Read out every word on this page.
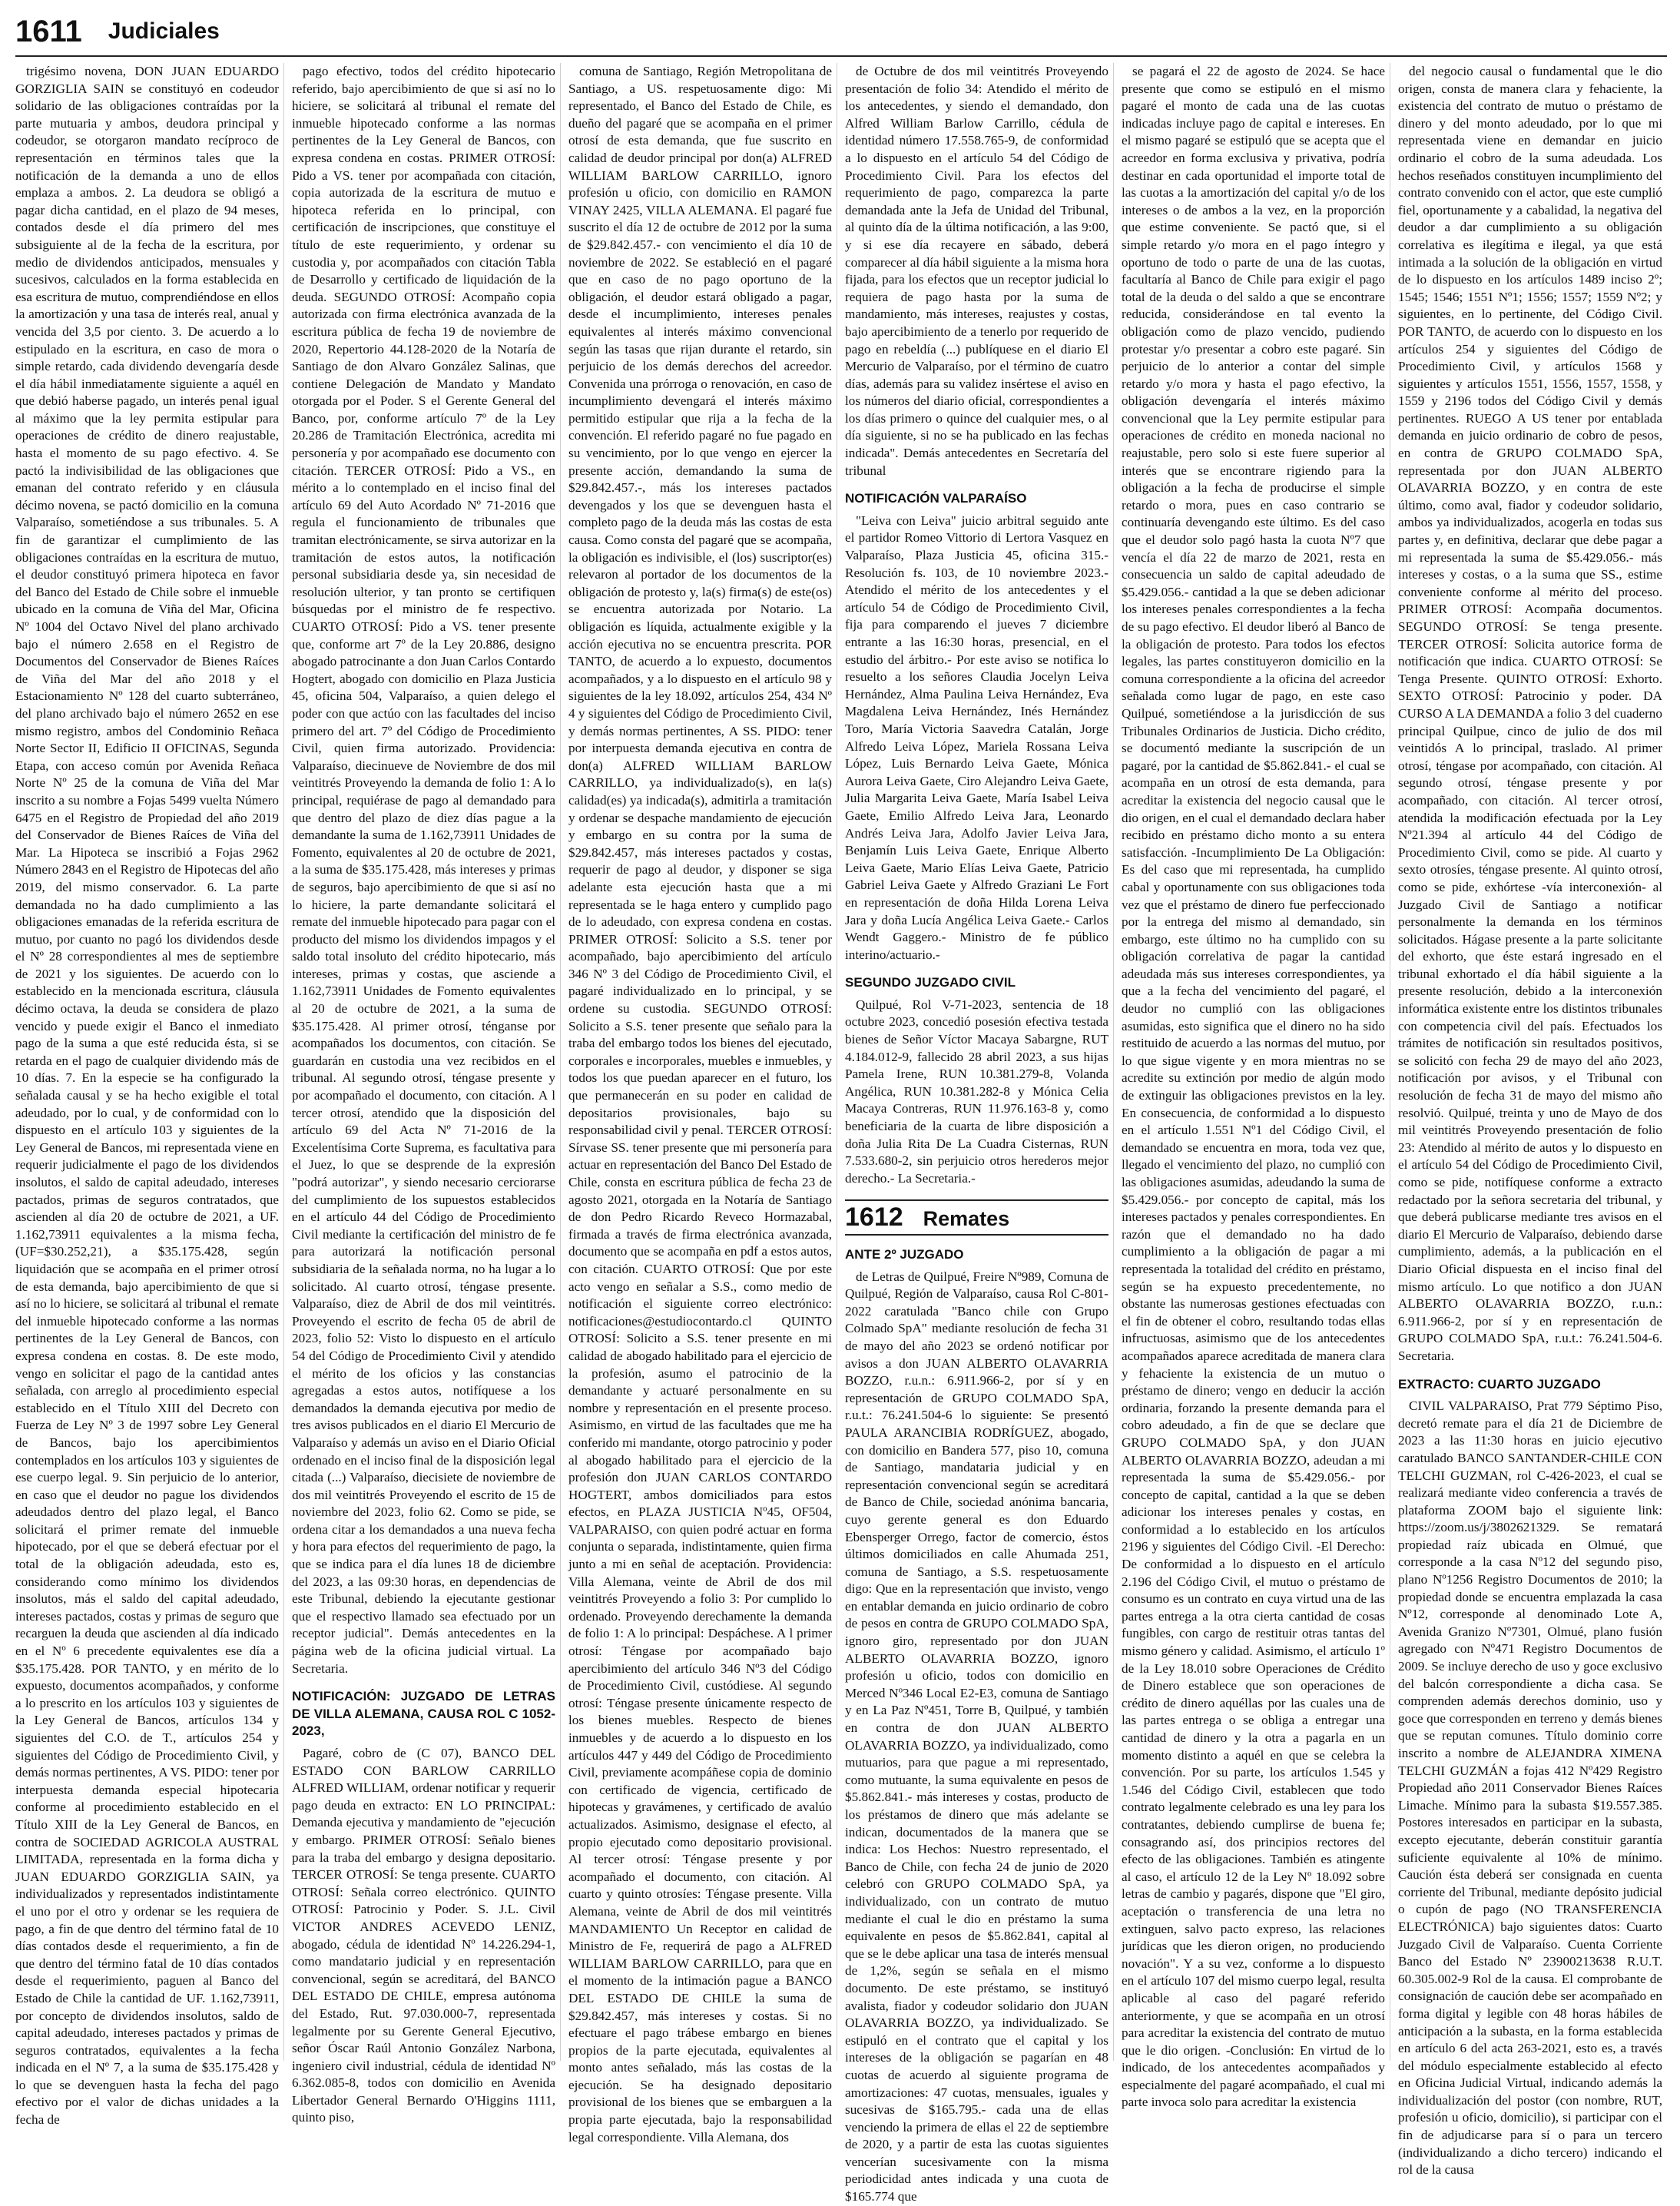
1611 Judiciales

trigésimo novena, DON JUAN EDUARDO GORZIGLIA SAIN se constituyó en codeudor solidario de las obligaciones contraídas por la parte mutuaria y ambos, deudora principal y codeudor, se otorgaron mandato recíproco de representación en términos tales que la notificación de la demanda a uno de ellos emplaza a ambos. 2. La deudora se obligó a pagar dicha cantidad, en el plazo de 94 meses, contados desde el día primero del mes subsiguiente al de la fecha de la escritura, por medio de dividendos anticipados, mensuales y sucesivos, calculados en la forma establecida en esa escritura de mutuo, comprendiéndose en ellos la amortización y una tasa de interés real, anual y vencida del 3,5 por ciento. 3. De acuerdo a lo estipulado en la escritura, en caso de mora o simple retardo, cada dividendo devengaría desde el día hábil inmediatamente siguiente a aquél en que debió haberse pagado, un interés penal igual al máximo que la ley permita estipular para operaciones de crédito de dinero reajustable, hasta el momento de su pago efectivo. 4. Se pactó la indivisibilidad de las obligaciones que emanan del contrato referido y en cláusula décimo novena, se pactó domicilio en la comuna Valparaíso, sometiéndose a sus tribunales. 5. A fin de garantizar el cumplimiento de las obligaciones contraídas en la escritura de mutuo, el deudor constituyó primera hipoteca en favor del Banco del Estado de Chile sobre el inmueble ubicado en la comuna de Viña del Mar, Oficina Nº 1004 del Octavo Nivel del plano archivado bajo el número 2.658 en el Registro de Documentos del Conservador de Bienes Raíces de Viña del Mar del año 2018 y el Estacionamiento Nº 128 del cuarto subterráneo, del plano archivado bajo el número 2652 en ese mismo registro, ambos del Condominio Reñaca Norte Sector II, Edificio II OFICINAS, Segunda Etapa, con acceso común por Avenida Reñaca Norte Nº 25 de la comuna de Viña del Mar inscrito a su nombre a Fojas 5499 vuelta Número 6475 en el Registro de Propiedad del año 2019 del Conservador de Bienes Raíces de Viña del Mar. La Hipoteca se inscribió a Fojas 2962 Número 2843 en el Registro de Hipotecas del año 2019, del mismo conservador. 6. La parte demandada no ha dado cumplimiento a las obligaciones emanadas de la referida escritura de mutuo, por cuanto no pagó los dividendos desde el Nº 28 correspondientes al mes de septiembre de 2021 y los siguientes. De acuerdo con lo establecido en la mencionada escritura, cláusula décimo octava, la deuda se considera de plazo vencido y puede exigir el Banco el inmediato pago de la suma a que esté reducida ésta, si se retarda en el pago de cualquier dividendo más de 10 días. 7. En la especie se ha configurado la señalada causal y se ha hecho exigible el total adeudado, por lo cual, y de conformidad con lo dispuesto en el artículo 103 y siguientes de la Ley General de Bancos, mi representada viene en requerir judicialmente el pago de los dividendos insolutos, el saldo de capital adeudado, intereses pactados, primas de seguros contratados, que ascienden al día 20 de octubre de 2021, a UF. 1.162,73911 equivalentes a la misma fecha, (UF=$30.252,21), a $35.175.428, según liquidación que se acompaña en el primer otrosí de esta demanda, bajo apercibimiento de que si así no lo hiciere, se solicitará al tribunal el remate del inmueble hipotecado conforme a las normas pertinentes de la Ley General de Bancos, con expresa condena en costas. 8. De este modo, vengo en solicitar el pago de la cantidad antes señalada, con arreglo al procedimiento especial establecido en el Título XIII del Decreto con Fuerza de Ley Nº 3 de 1997 sobre Ley General de Bancos, bajo los apercibimientos contemplados en los artículos 103 y siguientes de ese cuerpo legal. 9. Sin perjuicio de lo anterior, en caso que el deudor no pague los dividendos adeudados dentro del plazo legal, el Banco solicitará el primer remate del inmueble hipotecado, por el que se deberá efectuar por el total de la obligación adeudada, esto es, considerando como mínimo los dividendos insolutos, más el saldo del capital adeudado, intereses pactados, costas y primas de seguro que recarguen la deuda que ascienden al día indicado en el Nº 6 precedente equivalentes ese día a $35.175.428. POR TANTO, y en mérito de lo expuesto, documentos acompañados, y conforme a lo prescrito en los artículos 103 y siguientes de la Ley General de Bancos, artículos 134 y siguientes del C.O. de T., artículos 254 y siguientes del Código de Procedimiento Civil, y demás normas pertinentes, A VS. PIDO: tener por interpuesta demanda especial hipotecaria conforme al procedimiento establecido en el Título XIII de la Ley General de Bancos, en contra de SOCIEDAD AGRICOLA AUSTRAL LIMITADA, representada en la forma dicha y JUAN EDUARDO GORZIGLIA SAIN, ya individualizados y representados indistintamente el uno por el otro y ordenar se les requiera de pago, a fin de que dentro del término fatal de 10 días contados desde el requerimiento, a fin de que dentro del término fatal de 10 días contados desde el requerimiento, paguen al Banco del Estado de Chile la cantidad de UF. 1.162,73911, por concepto de dividendos insolutos, saldo de capital adeudado, intereses pactados y primas de seguros contratados, equivalentes a la fecha indicada en el Nº 7, a la suma de $35.175.428 y lo que se devenguen hasta la fecha del pago efectivo por el valor de dichas unidades a la fecha de

pago efectivo, todos del crédito hipotecario referido, bajo apercibimiento de que si así no lo hiciere, se solicitará al tribunal el remate del inmueble hipotecado conforme a las normas pertinentes de la Ley General de Bancos, con expresa condena en costas. PRIMER OTROSÍ: Pido a VS. tener por acompañada con citación, copia autorizada de la escritura de mutuo e hipoteca referida en lo principal, con certificación de inscripciones, que constituye el título de este requerimiento, y ordenar su custodia y, por acompañados con citación Tabla de Desarrollo y certificado de liquidación de la deuda. SEGUNDO OTROSÍ: Acompaño copia autorizada con firma electrónica avanzada de la escritura pública de fecha 19 de noviembre de 2020, Repertorio 44.128-2020 de la Notaría de Santiago de don Alvaro González Salinas, que contiene Delegación de Mandato y Mandato otorgada por el Poder. S el Gerente General del Banco, por, conforme artículo 7º de la Ley 20.286 de Tramitación Electrónica, acredita mi personería y por acompañado ese documento con citación. TERCER OTROSÍ: Pido a VS., en mérito a lo contemplado en el inciso final del artículo 69 del Auto Acordado Nº 71-2016 que regula el funcionamiento de tribunales que tramitan electrónicamente, se sirva autorizar en la tramitación de estos autos, la notificación personal subsidiaria desde ya, sin necesidad de resolución ulterior, y tan pronto se certifiquen búsquedas por el ministro de fe respectivo. CUARTO OTROSÍ: Pido a VS. tener presente que, conforme art 7º de la Ley 20.886, designo abogado patrocinante a don Juan Carlos Contardo Hogtert, abogado con domicilio en Plaza Justicia 45, oficina 504, Valparaíso, a quien delego el poder con que actúo con las facultades del inciso primero del art. 7º del Código de Procedimiento Civil, quien firma autorizado. Providencia: Valparaíso, diecinueve de Noviembre de dos mil veintitrés Proveyendo la demanda de folio 1: A lo principal, requiérase de pago al demandado para que dentro del plazo de diez días pague a la demandante la suma de 1.162,73911 Unidades de Fomento, equivalentes al 20 de octubre de 2021, a la suma de $35.175.428, más intereses y primas de seguros, bajo apercibimiento de que si así no lo hiciere, la parte demandante solicitará el remate del inmueble hipotecado para pagar con el producto del mismo los dividendos impagos y el saldo total insoluto del crédito hipotecario, más intereses, primas y costas, que asciende a 1.162,73911 Unidades de Fomento equivalentes al 20 de octubre de 2021, a la suma de $35.175.428. Al primer otrosí, ténganse por acompañados los documentos, con citación. Se guardarán en custodia una vez recibidos en el tribunal. Al segundo otrosí, téngase presente y por acompañado el documento, con citación. A l tercer otrosí, atendido que la disposición del artículo 69 del Acta Nº 71-2016 de la Excelentísima Corte Suprema, es facultativa para el Juez, lo que se desprende de la expresión "podrá autorizar", y siendo necesario cerciorarse del cumplimiento de los supuestos establecidos en el artículo 44 del Código de Procedimiento Civil mediante la certificación del ministro de fe para autorizará la notificación personal subsidiaria de la señalada norma, no ha lugar a lo solicitado. Al cuarto otrosí, téngase presente. Valparaíso, diez de Abril de dos mil veintitrés. Proveyendo el escrito de fecha 05 de abril de 2023, folio 52: Visto lo dispuesto en el artículo 54 del Código de Procedimiento Civil y atendido el mérito de los oficios y las constancias agregadas a estos autos, notifíquese a los demandados la demanda ejecutiva por medio de tres avisos publicados en el diario El Mercurio de Valparaíso y además un aviso en el Diario Oficial ordenado en el inciso final de la disposición legal citada (...) Valparaíso, diecisiete de noviembre de dos mil veintitrés Proveyendo el escrito de 15 de noviembre del 2023, folio 62. Como se pide, se ordena citar a los demandados a una nueva fecha y hora para efectos del requerimiento de pago, la que se indica para el día lunes 18 de diciembre del 2023, a las 09:30 horas, en dependencias de este Tribunal, debiendo la ejecutante gestionar que el respectivo llamado sea efectuado por un receptor judicial". Demás antecedentes en la página web de la oficina judicial virtual. La Secretaria.

NOTIFICACIÓN: JUZGADO DE LETRAS DE VILLA ALEMANA, CAUSA ROL C 1052-2023,

Pagaré, cobro de (C 07), BANCO DEL ESTADO CON BARLOW CARRILLO ALFRED WILLIAM, ordenar notificar y requerir pago deuda en extracto: EN LO PRINCIPAL: Demanda ejecutiva y mandamiento de "ejecución y embargo. PRIMER OTROSÍ: Señalo bienes para la traba del embargo y designa depositario. TERCER OTROSÍ: Se tenga presente. CUARTO OTROSÍ: Señala correo electrónico. QUINTO OTROSÍ: Patrocinio y Poder. S. J.L. Civil VICTOR ANDRES ACEVEDO LENIZ, abogado, cédula de identidad Nº 14.226.294-1, como mandatario judicial y en representación convencional, según se acreditará, del BANCO DEL ESTADO DE CHILE, empresa autónoma del Estado, Rut. 97.030.000-7, representada legalmente por su Gerente General Ejecutivo, señor Óscar Raúl Antonio González Narbona, ingeniero civil industrial, cédula de identidad Nº 6.362.085-8, todos con domicilio en Avenida Libertador General Bernardo O'Higgins 1111, quinto piso,

comuna de Santiago, Región Metropolitana de Santiago, a US. respetuosamente digo: Mi representado, el Banco del Estado de Chile, es dueño del pagaré que se acompaña en el primer otrosí de esta demanda, que fue suscrito en calidad de deudor principal por don(a) ALFRED WILLIAM BARLOW CARRILLO, ignoro profesión u oficio, con domicilio en RAMON VINAY 2425, VILLA ALEMANA. El pagaré fue suscrito el día 12 de octubre de 2012 por la suma de $29.842.457.- con vencimiento el día 10 de noviembre de 2022. Se estableció en el pagaré que en caso de no pago oportuno de la obligación, el deudor estará obligado a pagar, desde el incumplimiento, intereses penales equivalentes al interés máximo convencional según las tasas que rijan durante el retardo, sin perjuicio de los demás derechos del acreedor. Convenida una prórroga o renovación, en caso de incumplimiento devengará el interés máximo permitido estipular que rija a la fecha de la convención. El referido pagaré no fue pagado en su vencimiento, por lo que vengo en ejercer la presente acción, demandando la suma de $29.842.457.-, más los intereses pactados devengados y los que se devenguen hasta el completo pago de la deuda más las costas de esta causa. Como consta del pagaré que se acompaña, la obligación es indivisible, el (los) suscriptor(es) relevaron al portador de los documentos de la obligación de protesto y, la(s) firma(s) de este(os) se encuentra autorizada por Notario. La obligación es líquida, actualmente exigible y la acción ejecutiva no se encuentra prescrita. POR TANTO, de acuerdo a lo expuesto, documentos acompañados, y a lo dispuesto en el artículo 98 y siguientes de la ley 18.092, artículos 254, 434 Nº 4 y siguientes del Código de Procedimiento Civil, y demás normas pertinentes, A SS. PIDO: tener por interpuesta demanda ejecutiva en contra de don(a) ALFRED WILLIAM BARLOW CARRILLO, ya individualizado(s), en la(s) calidad(es) ya indicada(s), admitirla a tramitación y ordenar se despache mandamiento de ejecución y embargo en su contra por la suma de $29.842.457, más intereses pactados y costas, requerir de pago al deudor, y disponer se siga adelante esta ejecución hasta que a mi representada se le haga entero y cumplido pago de lo adeudado, con expresa condena en costas. PRIMER OTROSÍ: Solicito a S.S. tener por acompañado, bajo apercibimiento del artículo 346 Nº 3 del Código de Procedimiento Civil, el pagaré individualizado en lo principal, y se ordene su custodia. SEGUNDO OTROSÍ: Solicito a S.S. tener presente que señalo para la traba del embargo todos los bienes del ejecutado, corporales e incorporales, muebles e inmuebles, y todos los que puedan aparecer en el futuro, los que permanecerán en su poder en calidad de depositarios provisionales, bajo su responsabilidad civil y penal. TERCER OTROSÍ: Sírvase SS. tener presente que mi personería para actuar en representación del Banco Del Estado de Chile, consta en escritura pública de fecha 23 de agosto 2021, otorgada en la Notaría de Santiago de don Pedro Ricardo Reveco Hormazabal, firmada a través de firma electrónica avanzada, documento que se acompaña en pdf a estos autos, con citación. CUARTO OTROSÍ: Que por este acto vengo en señalar a S.S., como medio de notificación el siguiente correo electrónico: notificaciones@estudiocontardo.cl QUINTO OTROSÍ: Solicito a S.S. tener presente en mi calidad de abogado habilitado para el ejercicio de la profesión, asumo el patrocinio de la demandante y actuaré personalmente en su nombre y representación en el presente proceso. Asimismo, en virtud de las facultades que me ha conferido mi mandante, otorgo patrocinio y poder al abogado habilitado para el ejercicio de la profesión don JUAN CARLOS CONTARDO HOGTERT, ambos domiciliados para estos efectos, en PLAZA JUSTICIA Nº45, OF504, VALPARAISO, con quien podré actuar en forma conjunta o separada, indistintamente, quien firma junto a mi en señal de aceptación. Providencia: Villa Alemana, veinte de Abril de dos mil veintitrés Proveyendo a folio 3: Por cumplido lo ordenado. Proveyendo derechamente la demanda de folio 1: A lo principal: Despáchese. A l primer otrosí: Téngase por acompañado bajo apercibimiento del artículo 346 Nº3 del Código de Procedimiento Civil, custódiese. Al segundo otrosí: Téngase presente únicamente respecto de los bienes muebles. Respecto de bienes inmuebles y de acuerdo a lo dispuesto en los artículos 447 y 449 del Código de Procedimiento Civil, previamente acompáñese copia de dominio con certificado de vigencia, certificado de hipotecas y gravámenes, y certificado de avalúo actualizados. Asimismo, designase el efecto, al propio ejecutado como depositario provisional. Al tercer otrosí: Téngase presente y por acompañado el documento, con citación. Al cuarto y quinto otrosíes: Téngase presente. Villa Alemana, veinte de Abril de dos mil veintitrés MANDAMIENTO Un Receptor en calidad de Ministro de Fe, requerirá de pago a ALFRED WILLIAM BARLOW CARRILLO, para que en el momento de la intimación pague a BANCO DEL ESTADO DE CHILE la suma de $29.842.457, más intereses y costas. Si no efectuare el pago trábese embargo en bienes propios de la parte ejecutada, equivalentes al monto antes señalado, más las costas de la ejecución. Se ha designado depositario provisional de los bienes que se embarguen a la propia parte ejecutada, bajo la responsabilidad legal correspondiente. Villa Alemana, dos

de Octubre de dos mil veintitrés Proveyendo presentación de folio 34: Atendido el mérito de los antecedentes, y siendo el demandado, don Alfred William Barlow Carrillo, cédula de identidad número 17.558.765-9, de conformidad a lo dispuesto en el artículo 54 del Código de Procedimiento Civil. Para los efectos del requerimiento de pago, comparezca la parte demandada ante la Jefa de Unidad del Tribunal, al quinto día de la última notificación, a las 9:00, y si ese día recayere en sábado, deberá comparecer al día hábil siguiente a la misma hora fijada, para los efectos que un receptor judicial lo requiera de pago hasta por la suma de mandamiento, más intereses, reajustes y costas, bajo apercibimiento de a tenerlo por requerido de pago en rebeldía (...) publíquese en el diario El Mercurio de Valparaíso, por el término de cuatro días, además para su validez insértese el aviso en los números del diario oficial, correspondientes a los días primero o quince del cualquier mes, o al día siguiente, si no se ha publicado en las fechas indicada". Demás antecedentes en Secretaría del tribunal

NOTIFICACIÓN VALPARAÍSO

"Leiva con Leiva" juicio arbitral seguido ante el partidor Romeo Vittorio di Lertora Vasquez en Valparaíso, Plaza Justicia 45, oficina 315.- Resolución fs. 103, de 10 noviembre 2023.- Atendido el mérito de los antecedentes y el artículo 54 de Código de Procedimiento Civil, fija para comparendo el jueves 7 diciembre entrante a las 16:30 horas, presencial, en el estudio del árbitro.- Por este aviso se notifica lo resuelto a los señores Claudia Jocelyn Leiva Hernández, Alma Paulina Leiva Hernández, Eva Magdalena Leiva Hernández, Inés Hernández Toro, María Victoria Saavedra Catalán, Jorge Alfredo Leiva López, Mariela Rossana Leiva López, Luis Bernardo Leiva Gaete, Mónica Aurora Leiva Gaete, Ciro Alejandro Leiva Gaete, Julia Margarita Leiva Gaete, María Isabel Leiva Gaete, Emilio Alfredo Leiva Jara, Leonardo Andrés Leiva Jara, Adolfo Javier Leiva Jara, Benjamín Luis Leiva Gaete, Enrique Alberto Leiva Gaete, Mario Elías Leiva Gaete, Patricio Gabriel Leiva Gaete y Alfredo Graziani Le Fort en representación de doña Hilda Lorena Leiva Jara y doña Lucía Angélica Leiva Gaete.- Carlos Wendt Gaggero.- Ministro de fe público interino/actuario.-

SEGUNDO JUZGADO CIVIL

Quilpué, Rol V-71-2023, sentencia de 18 octubre 2023, concedió posesión efectiva testada bienes de Señor Víctor Macaya Sabargne, RUT 4.184.012-9, fallecido 28 abril 2023, a sus hijas Pamela Irene, RUN 10.381.279-8, Volanda Angélica, RUN 10.381.282-8 y Mónica Celia Macaya Contreras, RUN 11.976.163-8 y, como beneficiaria de la cuarta de libre disposición a doña Julia Rita De La Cuadra Cisternas, RUN 7.533.680-2, sin perjuicio otros herederos mejor derecho.- La Secretaria.-

1612 Remates
ANTE 2º JUZGADO

de Letras de Quilpué, Freire Nº989, Comuna de Quilpué, Región de Valparaíso, causa Rol C-801-2022 caratulada "Banco chile con Grupo Colmado SpA" mediante resolución de fecha 31 de mayo del año 2023 se ordenó notificar por avisos a don JUAN ALBERTO OLAVARRIA BOZZO, r.u.n.: 6.911.966-2, por sí y en representación de GRUPO COLMADO SpA, r.u.t.: 76.241.504-6 lo siguiente: Se presentó PAULA ARANCIBIA RODRÍGUEZ, abogado, con domicilio en Bandera 577, piso 10, comuna de Santiago, mandataria judicial y en representación convencional según se acreditará de Banco de Chile, sociedad anónima bancaria, cuyo gerente general es don Eduardo Ebensperger Orrego, factor de comercio, éstos últimos domiciliados en calle Ahumada 251, comuna de Santiago, a S.S. respetuosamente digo: Que en la representación que invisto, vengo en entablar demanda en juicio ordinario de cobro de pesos en contra de GRUPO COLMADO SpA, ignoro giro, representado por don JUAN ALBERTO OLAVARRIA BOZZO, ignoro profesión u oficio, todos con domicilio en Merced Nº346 Local E2-E3, comuna de Santiago y en La Paz Nº451, Torre B, Quilpué, y también en contra de don JUAN ALBERTO OLAVARRIA BOZZO, ya individualizado, como mutuarios, para que pague a mi representado, como mutuante, la suma equivalente en pesos de $5.862.841.- más intereses y costas, producto de los préstamos de dinero que más adelante se indican, documentados de la manera que se indica: Los Hechos: Nuestro representado, el Banco de Chile, con fecha 24 de junio de 2020 celebró con GRUPO COLMADO SpA, ya individualizado, con un contrato de mutuo mediante el cual le dio en préstamo la suma equivalente en pesos de $5.862.841, capital al que se le debe aplicar una tasa de interés mensual de 1,2%, según se señala en el mismo documento. De este préstamo, se instituyó avalista, fiador y codeudor solidario don JUAN OLAVARRIA BOZZO, ya individualizado. Se estipuló en el contrato que el capital y los intereses de la obligación se pagarían en 48 cuotas de acuerdo al siguiente programa de amortizaciones: 47 cuotas, mensuales, iguales y sucesivas de $165.795.- cada una de ellas venciendo la primera de ellas el 22 de septiembre de 2020, y a partir de esta las cuotas siguientes vencerían sucesivamente con la misma periodicidad antes indicada y una cuota de $165.774 que

se pagará el 22 de agosto de 2024. Se hace presente que como se estipuló en el mismo pagaré el monto de cada una de las cuotas indicadas incluye pago de capital e intereses. En el mismo pagaré se estipuló que se acepta que el acreedor en forma exclusiva y privativa, podría destinar en cada oportunidad el importe total de las cuotas a la amortización del capital y/o de los intereses o de ambos a la vez, en la proporción que estime conveniente. Se pactó que, si el simple retardo y/o mora en el pago íntegro y oportuno de todo o parte de una de las cuotas, facultaría al Banco de Chile para exigir el pago total de la deuda o del saldo a que se encontrare reducida, considerándose en tal evento la obligación como de plazo vencido, pudiendo protestar y/o presentar a cobro este pagaré. Sin perjuicio de lo anterior a contar del simple retardo y/o mora y hasta el pago efectivo, la obligación devengaría el interés máximo convencional que la Ley permite estipular para operaciones de crédito en moneda nacional no reajustable, pero solo si este fuere superior al interés que se encontrare rigiendo para la obligación a la fecha de producirse el simple retardo o mora, pues en caso contrario se continuaría devengando este último. Es del caso que el deudor solo pagó hasta la cuota Nº7 que vencía el día 22 de marzo de 2021, resta en consecuencia un saldo de capital adeudado de $5.429.056.- cantidad a la que se deben adicionar los intereses penales correspondientes a la fecha de su pago efectivo. El deudor liberó al Banco de la obligación de protesto. Para todos los efectos legales, las partes constituyeron domicilio en la comuna correspondiente a la oficina del acreedor señalada como lugar de pago, en este caso Quilpué, sometiéndose a la jurisdicción de sus Tribunales Ordinarios de Justicia. Dicho crédito, se documentó mediante la suscripción de un pagaré, por la cantidad de $5.862.841.- el cual se acompaña en un otrosí de esta demanda, para acreditar la existencia del negocio causal que le dio origen, en el cual el demandado declara haber recibido en préstamo dicho monto a su entera satisfacción. -Incumplimiento De La Obligación: Es del caso que mi representada, ha cumplido cabal y oportunamente con sus obligaciones toda vez que el préstamo de dinero fue perfeccionado por la entrega del mismo al demandado, sin embargo, este último no ha cumplido con su obligación correlativa de pagar la cantidad adeudada más sus intereses correspondientes, ya que a la fecha del vencimiento del pagaré, el deudor no cumplió con las obligaciones asumidas, esto significa que el dinero no ha sido restituido de acuerdo a las normas del mutuo, por lo que sigue vigente y en mora mientras no se acredite su extinción por medio de algún modo de extinguir las obligaciones previstos en la ley. En consecuencia, de conformidad a lo dispuesto en el artículo 1.551 Nº1 del Código Civil, el demandado se encuentra en mora, toda vez que, llegado el vencimiento del plazo, no cumplió con las obligaciones asumidas, adeudando la suma de $5.429.056.- por concepto de capital, más los intereses pactados y penales correspondientes. En razón que el demandado no ha dado cumplimiento a la obligación de pagar a mi representada la totalidad del crédito en préstamo, según se ha expuesto precedentemente, no obstante las numerosas gestiones efectuadas con el fin de obtener el cobro, resultando todas ellas infructuosas, asimismo que de los antecedentes acompañados aparece acreditada de manera clara y fehaciente la existencia de un mutuo o préstamo de dinero; vengo en deducir la acción ordinaria, forzando la presente demanda para el cobro adeudado, a fin de que se declare que GRUPO COLMADO SpA, y don JUAN ALBERTO OLAVARRIA BOZZO, adeudan a mi representada la suma de $5.429.056.- por concepto de capital, cantidad a la que se deben adicionar los intereses penales y costas, en conformidad a lo establecido en los artículos 2196 y siguientes del Código Civil. -El Derecho: De conformidad a lo dispuesto en el artículo 2.196 del Código Civil, el mutuo o préstamo de consumo es un contrato en cuya virtud una de las partes entrega a la otra cierta cantidad de cosas fungibles, con cargo de restituir otras tantas del mismo género y calidad. Asimismo, el artículo 1º de la Ley 18.010 sobre Operaciones de Crédito de Dinero establece que son operaciones de crédito de dinero aquéllas por las cuales una de las partes entrega o se obliga a entregar una cantidad de dinero y la otra a pagarla en un momento distinto a aquél en que se celebra la convención. Por su parte, los artículos 1.545 y 1.546 del Código Civil, establecen que todo contrato legalmente celebrado es una ley para los contratantes, debiendo cumplirse de buena fe; consagrando así, dos principios rectores del efecto de las obligaciones. También es atingente al caso, el artículo 12 de la Ley Nº 18.092 sobre letras de cambio y pagarés, dispone que "El giro, aceptación o transferencia de una letra no extinguen, salvo pacto expreso, las relaciones jurídicas que les dieron origen, no produciendo novación". Y a su vez, conforme a lo dispuesto en el artículo 107 del mismo cuerpo legal, resulta aplicable al caso del pagaré referido anteriormente, y que se acompaña en un otrosí para acreditar la existencia del contrato de mutuo que le dio origen. -Conclusión: En virtud de lo indicado, de los antecedentes acompañados y especialmente del pagaré acompañado, el cual mi parte invoca solo para acreditar la existencia

del negocio causal o fundamental que le dio origen, consta de manera clara y fehaciente, la existencia del contrato de mutuo o préstamo de dinero y del monto adeudado, por lo que mi representada viene en demandar en juicio ordinario el cobro de la suma adeudada. Los hechos reseñados constituyen incumplimiento del contrato convenido con el actor, que este cumplió fiel, oportunamente y a cabalidad, la negativa del deudor a dar cumplimiento a su obligación correlativa es ilegítima e ilegal, ya que está intimada a la solución de la obligación en virtud de lo dispuesto en los artículos 1489 inciso 2º; 1545; 1546; 1551 Nº1; 1556; 1557; 1559 Nº2; y siguientes, en lo pertinente, del Código Civil. POR TANTO, de acuerdo con lo dispuesto en los artículos 254 y siguientes del Código de Procedimiento Civil, y artículos 1568 y siguientes y artículos 1551, 1556, 1557, 1558, y 1559 y 2196 todos del Código Civil y demás pertinentes. RUEGO A US tener por entablada demanda en juicio ordinario de cobro de pesos, en contra de GRUPO COLMADO SpA, representada por don JUAN ALBERTO OLAVARRIA BOZZO, y en contra de este último, como aval, fiador y codeudor solidario, ambos ya individualizados, acogerla en todas sus partes y, en definitiva, declarar que debe pagar a mi representada la suma de $5.429.056.- más intereses y costas, o a la suma que SS., estime conveniente conforme al mérito del proceso. PRIMER OTROSÍ: Acompaña documentos. SEGUNDO OTROSÍ: Se tenga presente. TERCER OTROSÍ: Solicita autorice forma de notificación que indica. CUARTO OTROSÍ: Se Tenga Presente. QUINTO OTROSÍ: Exhorto. SEXTO OTROSÍ: Patrocinio y poder. DA CURSO A LA DEMANDA a folio 3 del cuaderno principal Quilpue, cinco de julio de dos mil veintidós A lo principal, traslado. Al primer otrosí, téngase por acompañado, con citación. Al segundo otrosí, téngase presente y por acompañado, con citación. Al tercer otrosí, atendida la modificación efectuada por la Ley Nº21.394 al artículo 44 del Código de Procedimiento Civil, como se pide. Al cuarto y sexto otrosíes, téngase presente. Al quinto otrosí, como se pide, exhórtese -vía interconexión- al Juzgado Civil de Santiago a notificar personalmente la demanda en los términos solicitados. Hágase presente a la parte solicitante del exhorto, que éste estará ingresado en el tribunal exhortado el día hábil siguiente a la presente resolución, debido a la interconexión informática existente entre los distintos tribunales con competencia civil del país. Efectuados los trámites de notificación sin resultados positivos, se solicitó con fecha 29 de mayo del año 2023, notificación por avisos, y el Tribunal con resolución de fecha 31 de mayo del mismo año resolvió. Quilpué, treinta y uno de Mayo de dos mil veintitrés Proveyendo presentación de folio 23: Atendido al mérito de autos y lo dispuesto en el artículo 54 del Código de Procedimiento Civil, como se pide, notifíquese conforme a extracto redactado por la señora secretaria del tribunal, y que deberá publicarse mediante tres avisos en el diario El Mercurio de Valparaíso, debiendo darse cumplimiento, además, a la publicación en el Diario Oficial dispuesta en el inciso final del mismo artículo. Lo que notifico a don JUAN ALBERTO OLAVARRIA BOZZO, r.u.n.: 6.911.966-2, por sí y en representación de GRUPO COLMADO SpA, r.u.t.: 76.241.504-6. Secretaria.

EXTRACTO: CUARTO JUZGADO

CIVIL VALPARAISO, Prat 779 Séptimo Piso, decretó remate para el día 21 de Diciembre de 2023 a las 11:30 horas en juicio ejecutivo caratulado BANCO SANTANDER-CHILE CON TELCHI GUZMAN, rol C-426-2023, el cual se realizará mediante video conferencia a través de plataforma ZOOM bajo el siguiente link: https://zoom.us/j/3802621329. Se rematará propiedad raíz ubicada en Olmué, que corresponde a la casa Nº12 del segundo piso, plano Nº1256 Registro Documentos de 2010; la propiedad donde se encuentra emplazada la casa Nº12, corresponde al denominado Lote A, Avenida Granizo Nº7301, Olmué, plano fusión agregado con Nº471 Registro Documentos de 2009. Se incluye derecho de uso y goce exclusivo del balcón correspondiente a dicha casa. Se comprenden además derechos dominio, uso y goce que corresponden en terreno y demás bienes que se reputan comunes. Título dominio corre inscrito a nombre de ALEJANDRA XIMENA TELCHI GUZMÁN a fojas 412 Nº429 Registro Propiedad año 2011 Conservador Bienes Raíces Limache. Mínimo para la subasta $19.557.385. Postores interesados en participar en la subasta, excepto ejecutante, deberán constituir garantía suficiente equivalente al 10% de mínimo. Caución ésta deberá ser consignada en cuenta corriente del Tribunal, mediante depósito judicial o cupón de pago (NO TRANSFERENCIA ELECTRÓNICA) bajo siguientes datos: Cuarto Juzgado Civil de Valparaíso. Cuenta Corriente Banco del Estado Nº 23900213638 R.U.T. 60.305.002-9 Rol de la causa. El comprobante de consignación de caución debe ser acompañado en forma digital y legible con 48 horas hábiles de anticipación a la subasta, en la forma establecida en artículo 6 del acta 263-2021, esto es, a través del módulo especialmente establecido al efecto en Oficina Judicial Virtual, indicando además la individualización del postor (con nombre, RUT, profesión u oficio, domicilio), si participar con el fin de adjudicarse para sí o para un tercero (individualizando a dicho tercero) indicando el rol de la causa
